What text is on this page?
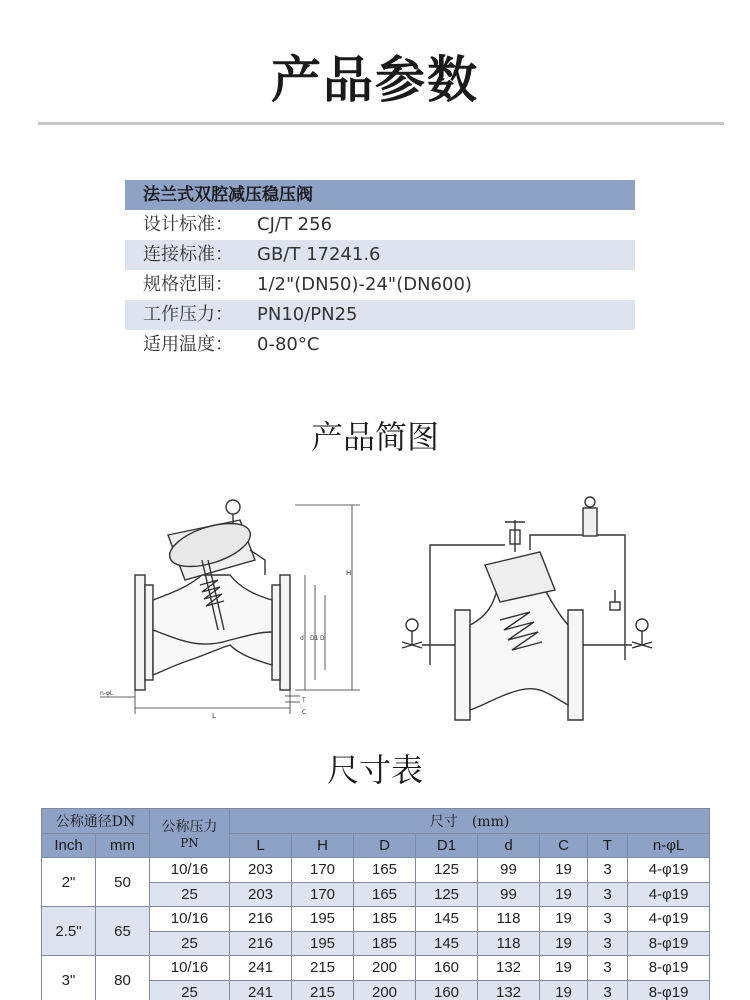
产品参数
法兰式双腔减压稳压阀
设计标准：	CJ/T 256
连接标准：	GB/T 17241.6
规格范围：	1/2"(DN50)-24"(DN600)
工作压力：	PN10/PN25
适用温度：	0-80°C
产品简图
H
L
n-φL
d D1 D
T
C
尺寸表
公称通径DN		公称压力
PN	尺寸　(mm)							
Inch	mm		L	H	D	D1	d	C	T	n-φL
2"	50	10/16	203	170	165	125	99	19	3	4-φ19
		25	203	170	165	125	99	19	3	4-φ19
2.5"	65	10/16	216	195	185	145	118	19	3	4-φ19
		25	216	195	185	145	118	19	3	8-φ19
3"	80	10/16	241	215	200	160	132	19	3	8-φ19
		25	241	215	200	160	132	19	3	8-φ19
